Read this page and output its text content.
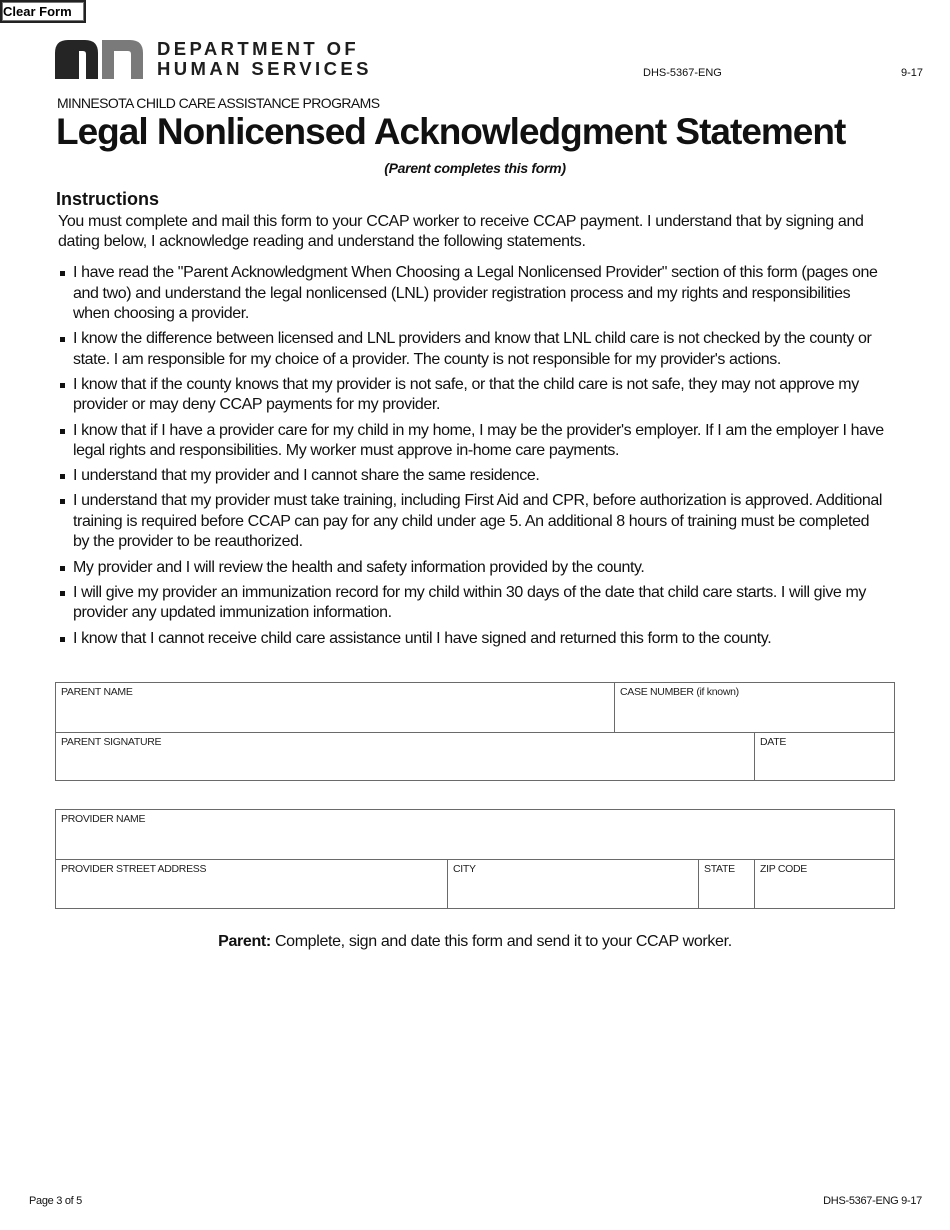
Clear Form
DEPARTMENT OF
HUMAN SERVICES	DHS-5367-ENG	9-17
MINNESOTA CHILD CARE ASSISTANCE PROGRAMS
Legal Nonlicensed Acknowledgment Statement
(Parent completes this form)
Instructions

You must complete and mail this form to your CCAP worker to receive CCAP payment. I understand that by signing and dating below, I acknowledge reading and understand the following statements.

I have read the "Parent Acknowledgment When Choosing a Legal Nonlicensed Provider" section of this form (pages one and two) and understand the legal nonlicensed (LNL) provider registration process and my rights and responsibilities when choosing a provider.
I know the difference between licensed and LNL providers and know that LNL child care is not checked by the county or state. I am responsible for my choice of a provider. The county is not responsible for my provider's actions.
I know that if the county knows that my provider is not safe, or that the child care is not safe, they may not approve my provider or may deny CCAP payments for my provider.
I know that if I have a provider care for my child in my home, I may be the provider's employer. If I am the employer I have legal rights and responsibilities. My worker must approve in-home care payments.
I understand that my provider and I cannot share the same residence.
I understand that my provider must take training, including First Aid and CPR, before authorization is approved. Additional training is required before CCAP can pay for any child under age 5. An additional 8 hours of training must be completed by the provider to be reauthorized.
My provider and I will review the health and safety information provided by the county.
I will give my provider an immunization record for my child within 30 days of the date that child care starts. I will give my provider any updated immunization information.
I know that I cannot receive child care assistance until I have signed and returned this form to the county.
PARENT NAME	CASE NUMBER (if known)
PARENT SIGNATURE	DATE
PROVIDER NAME
PROVIDER STREET ADDRESS	CITY	STATE	ZIP CODE
Parent: Complete, sign and date this form and send it to your CCAP worker.
Page 3 of 5	DHS-5367-ENG 9-17
